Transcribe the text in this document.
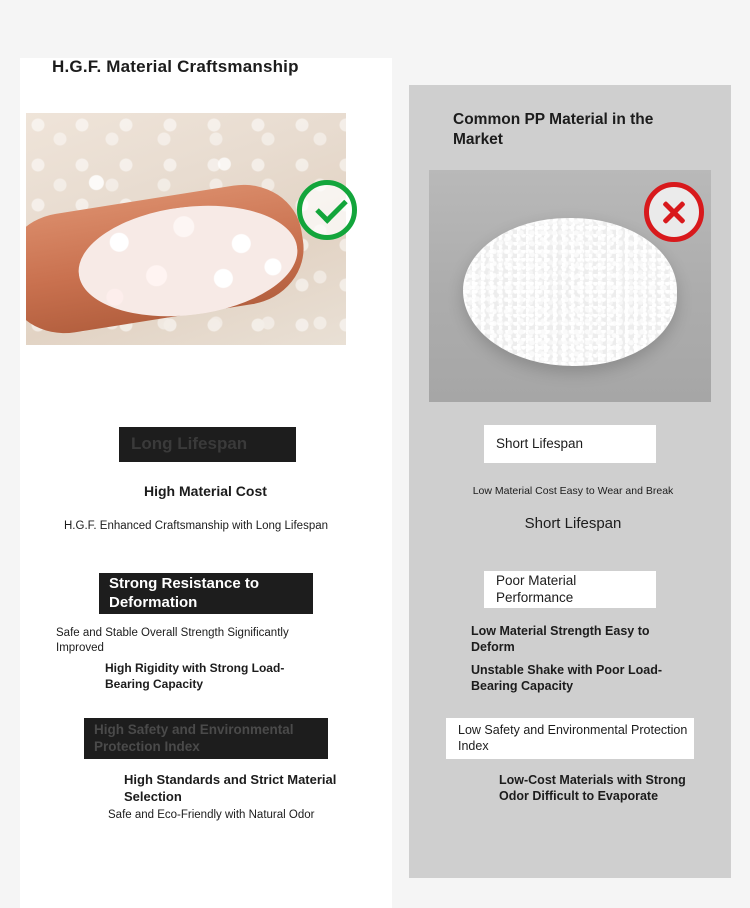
H.G.F. Material Craftsmanship
Long Lifespan
High Material Cost
H.G.F. Enhanced Craftsmanship with Long Lifespan
Strong Resistance to Deformation
Safe and Stable Overall Strength Significantly Improved
High Rigidity with Strong Load-Bearing Capacity
High Safety and Environmental Protection Index
High Standards and Strict Material Selection
Safe and Eco-Friendly with Natural Odor
Common PP Material in the Market
Short Lifespan
Low Material Cost Easy to Wear and Break
Short Lifespan
Poor Material Performance
Low Material Strength Easy to Deform
Unstable Shake with Poor Load-Bearing Capacity
Low Safety and Environmental Protection Index
Low-Cost Materials with Strong Odor Difficult to Evaporate
